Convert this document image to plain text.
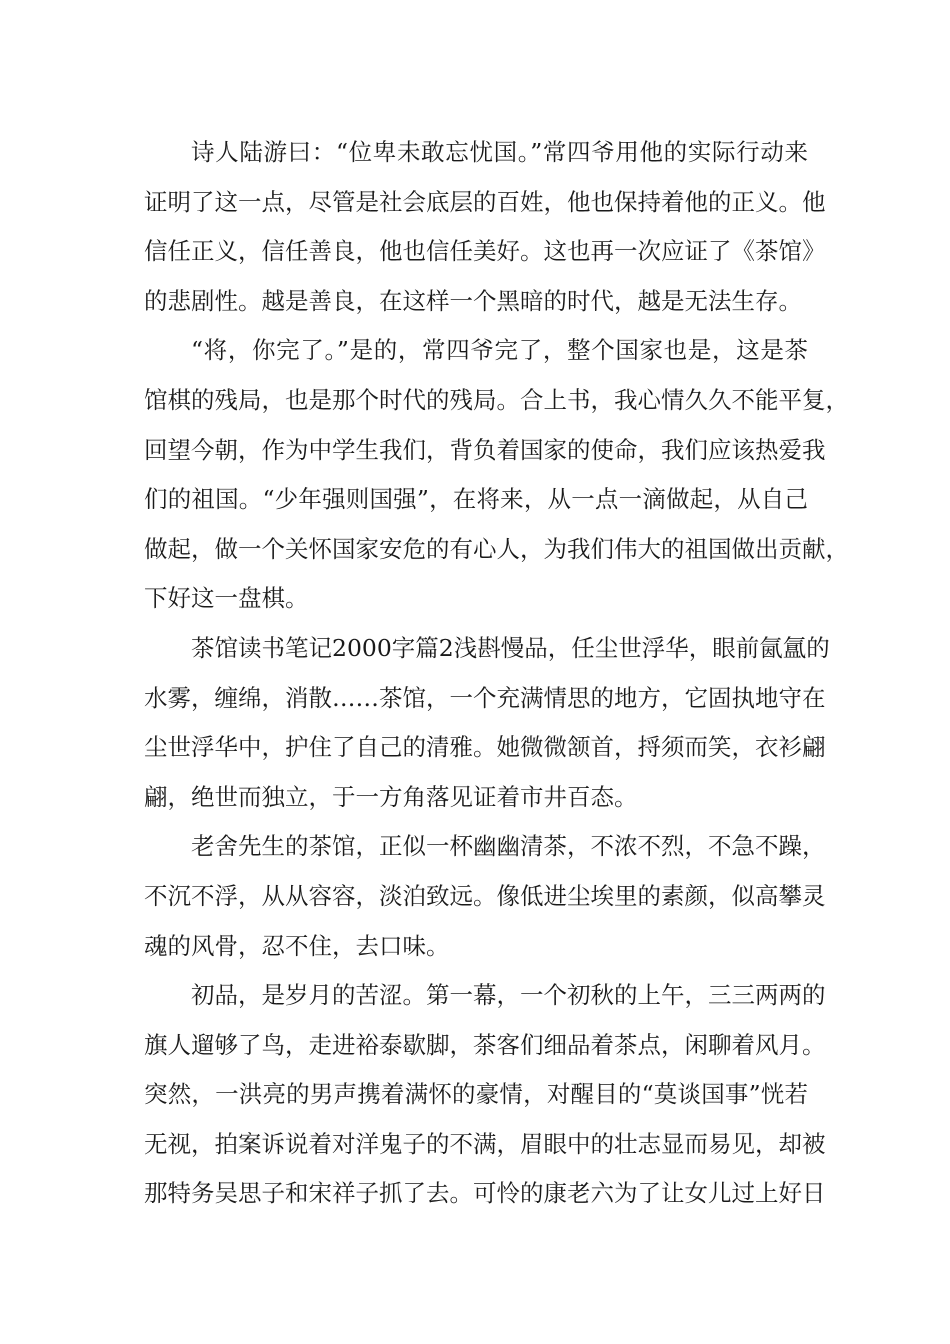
诗人陆游曰：“位卑未敢忘忧国。”常四爷用他的实际行动来
证明了这一点，尽管是社会底层的百姓，他也保持着他的正义。他
信任正义，信任善良，他也信任美好。这也再一次应证了《茶馆》
的悲剧性。越是善良，在这样一个黑暗的时代，越是无法生存。
“将，你完了。”是的，常四爷完了，整个国家也是，这是茶
馆棋的残局，也是那个时代的残局。合上书，我心情久久不能平复，
回望今朝，作为中学生我们，背负着国家的使命，我们应该热爱我
们的祖国。“少年强则国强”，在将来，从一点一滴做起，从自己
做起，做一个关怀国家安危的有心人，为我们伟大的祖国做出贡献，
下好这一盘棋。
茶馆读书笔记2000字篇2浅斟慢品，任尘世浮华，眼前氤氲的
水雾，缠绵，消散……茶馆，一个充满情思的地方，它固执地守在
尘世浮华中，护住了自己的清雅。她微微颔首，捋须而笑，衣衫翩
翩，绝世而独立，于一方角落见证着市井百态。
老舍先生的茶馆，正似一杯幽幽清茶，不浓不烈，不急不躁，
不沉不浮，从从容容，淡泊致远。像低进尘埃里的素颜，似高攀灵
魂的风骨，忍不住，去口味。
初品，是岁月的苦涩。第一幕，一个初秋的上午，三三两两的
旗人遛够了鸟，走进裕泰歇脚，茶客们细品着茶点，闲聊着风月。
突然，一洪亮的男声携着满怀的豪情，对醒目的“莫谈国事”恍若
无视，拍案诉说着对洋鬼子的不满，眉眼中的壮志显而易见，却被
那特务吴思子和宋祥子抓了去。可怜的康老六为了让女儿过上好日
